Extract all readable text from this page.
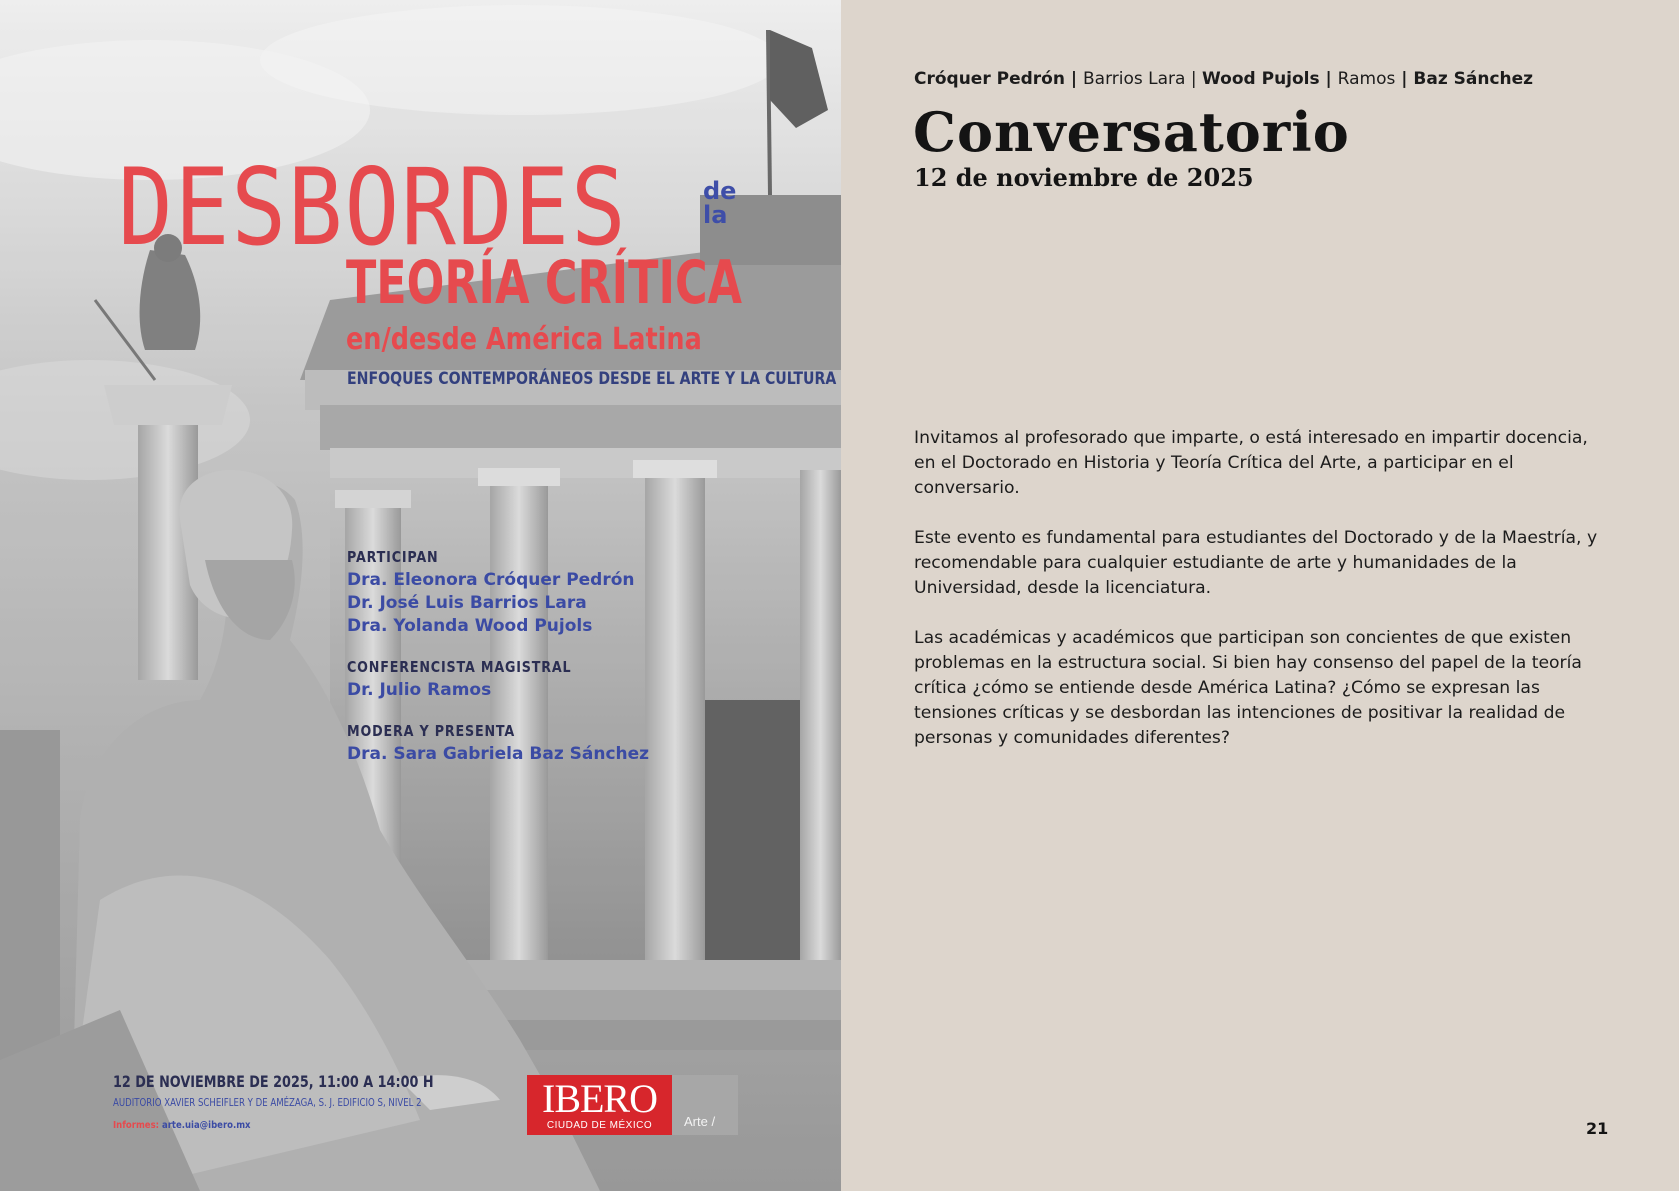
DESBORDES	de

la

TEORÍA CRÍTICA

en/desde América Latina

ENFOQUES CONTEMPORÁNEOS DESDE EL ARTE Y LA CULTURA

PARTICIPAN

Dra. Eleonora Cróquer Pedrón

Dr. José Luis Barrios Lara

Dra. Yolanda Wood Pujols

CONFERENCISTA MAGISTRAL

Dr. Julio Ramos

MODERA Y PRESENTA

Dra. Sara Gabriela Baz Sánchez

12 DE NOVIEMBRE DE 2025, 11:00 A 14:00 H

AUDITORIO XAVIER SCHEIFLER Y DE AMÉZAGA, S. J. EDIFICIO S, NIVEL 2

Informes: arte.uia@ibero.mx

IBERO
CIUDAD DE MÉXICO	Arte /
Cróquer Pedrón | Barrios Lara | Wood Pujols | Ramos | Baz Sánchez
Conversatorio
12 de noviembre de 2025

Invitamos al profesorado que imparte, o está interesado en impartir docencia, en el Doctorado en Historia y Teoría Crítica del Arte, a participar en el conversario.

Este evento es fundamental para estudiantes del Doctorado y de la Maestría, y recomendable para cualquier estudiante de arte y humanidades de la Universidad, desde la licenciatura.

Las académicas y académicos que participan son concientes de que existen problemas en la estructura social. Si bien hay consenso del papel de la teoría crítica ¿cómo se entiende desde América Latina? ¿Cómo se expresan las tensiones críticas y se desbordan las intenciones de positivar la realidad de personas y comunidades diferentes?

21
